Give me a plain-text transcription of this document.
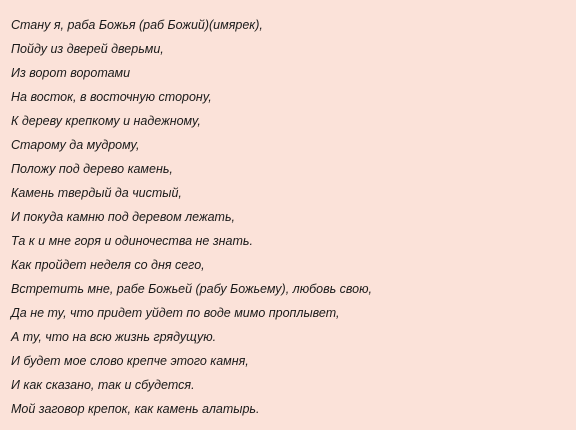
Стану я, раба Божья (раб Божий)(имярек),
Пойду из дверей дверьми,
Из ворот воротами
На восток, в восточную сторону,
К дереву крепкому и надежному,
Старому да мудрому,
Положу под дерево камень,
Камень твердый да чистый,
И покуда камню под деревом лежать,
Та к и мне горя и одиночества не знать.
Как пройдет неделя со дня сего,
Встретить мне, рабе Божьей (рабу Божьему), любовь свою,
Да не ту, что придет уйдет по воде мимо проплывет,
А ту, что на всю жизнь грядущую.
И будет мое слово крепче этого камня,
И как сказано, так и сбудется.
Мой заговор крепок, как камень алатырь.
